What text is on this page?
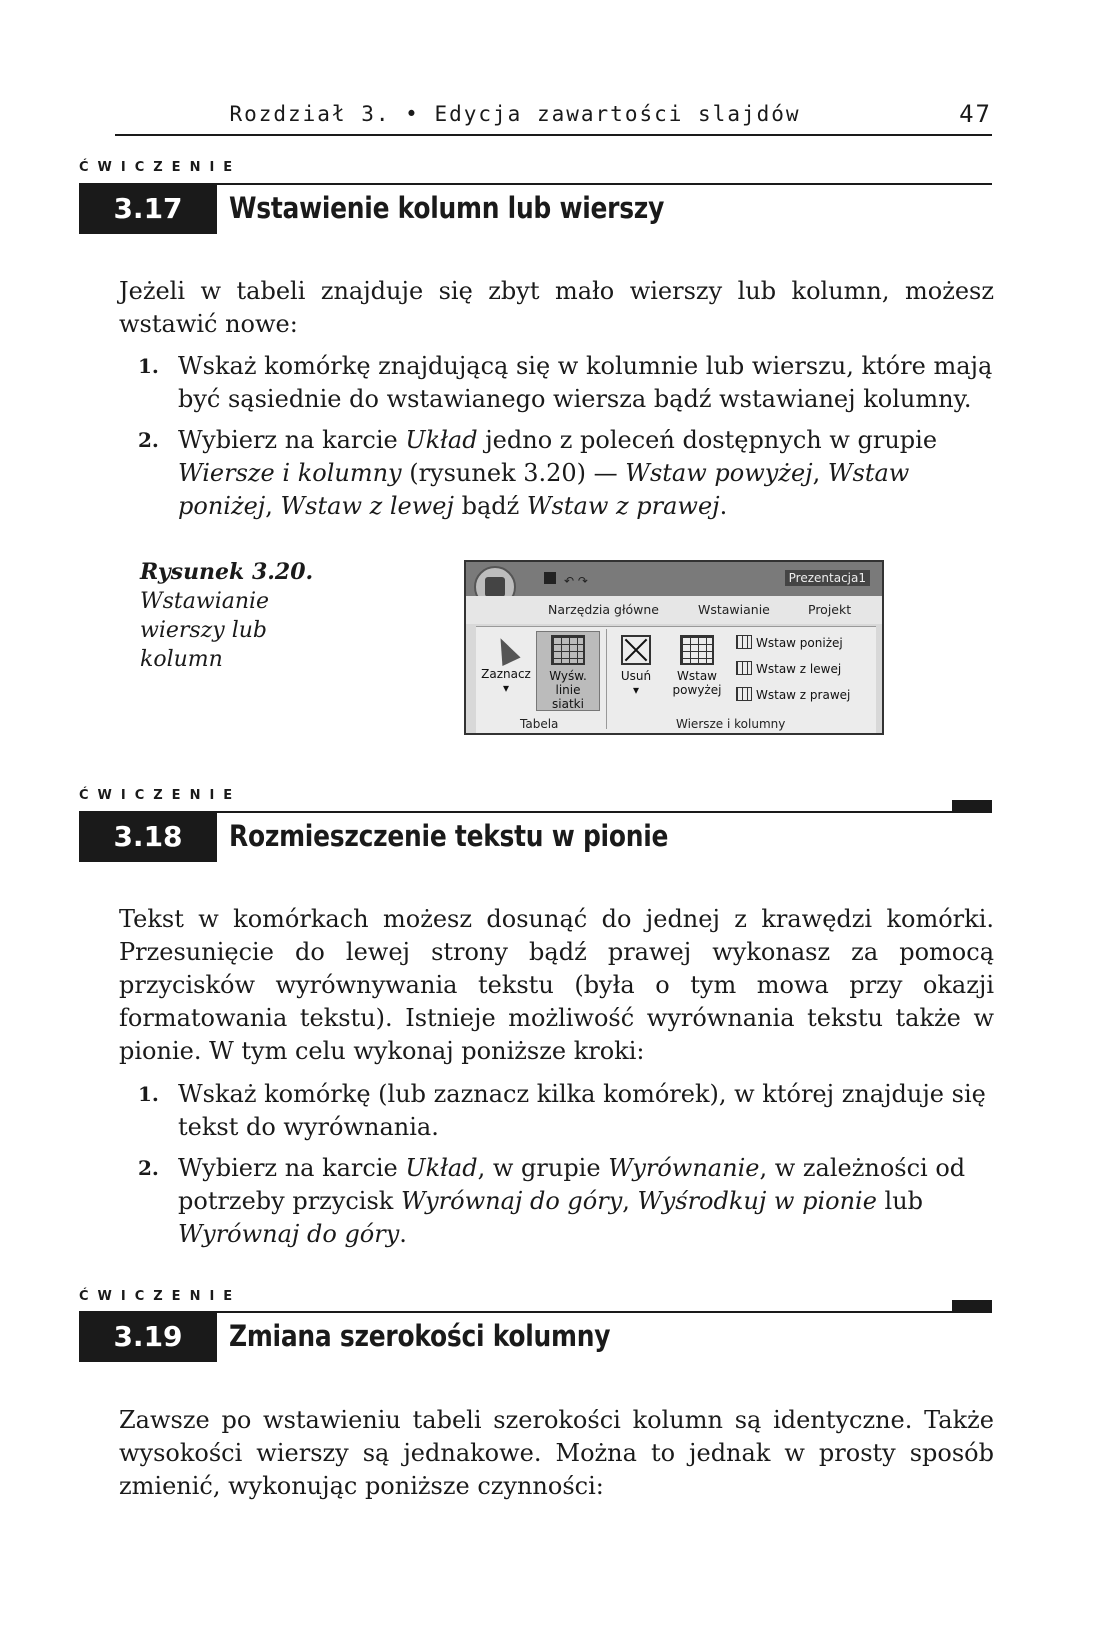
Rozdział 3. • Edycja zawartości slajdów	47
ĆWICZENIE
3.17	Wstawienie kolumn lub wierszy

Jeżeli w tabeli znajduje się zbyt mało wierszy lub kolumn, możesz wstawić nowe:

1. Wskaż komórkę znajdującą się w kolumnie lub wierszu, które mają być sąsiednie do wstawianego wiersza bądź wstawianej kolumny.
2. Wybierz na karcie Układ jedno z poleceń dostępnych w grupie Wiersze i kolumny (rysunek 3.20) — Wstaw powyżej, Wstaw poniżej, Wstaw z lewej bądź Wstaw z prawej.
Rysunek 3.20.
Wstawianie wierszy lub kolumn
↶ ↷	Prezentacja1
Narzędzia główne	Wstawianie	Projekt
Zaznacz
▾
Wyśw.
linie siatki
Tabela
Usuń
▾
Wstaw
powyżej
Wstaw poniżej
Wstaw z lewej
Wstaw z prawej
Wiersze i kolumny
ĆWICZENIE
3.18	Rozmieszczenie tekstu w pionie

Tekst w komórkach możesz dosunąć do jednej z krawędzi komórki. Przesunięcie do lewej strony bądź prawej wykonasz za pomocą przycisków wyrównywania tekstu (była o tym mowa przy okazji formatowania tekstu). Istnieje możliwość wyrównania tekstu także w pionie. W tym celu wykonaj poniższe kroki:

1. Wskaż komórkę (lub zaznacz kilka komórek), w której znajduje się tekst do wyrównania.
2. Wybierz na karcie Układ, w grupie Wyrównanie, w zależności od potrzeby przycisk Wyrównaj do góry, Wyśrodkuj w pionie lub Wyrównaj do góry.
ĆWICZENIE
3.19	Zmiana szerokości kolumny

Zawsze po wstawieniu tabeli szerokości kolumn są identyczne. Także wysokości wierszy są jednakowe. Można to jednak w prosty sposób zmienić, wykonując poniższe czynności:
